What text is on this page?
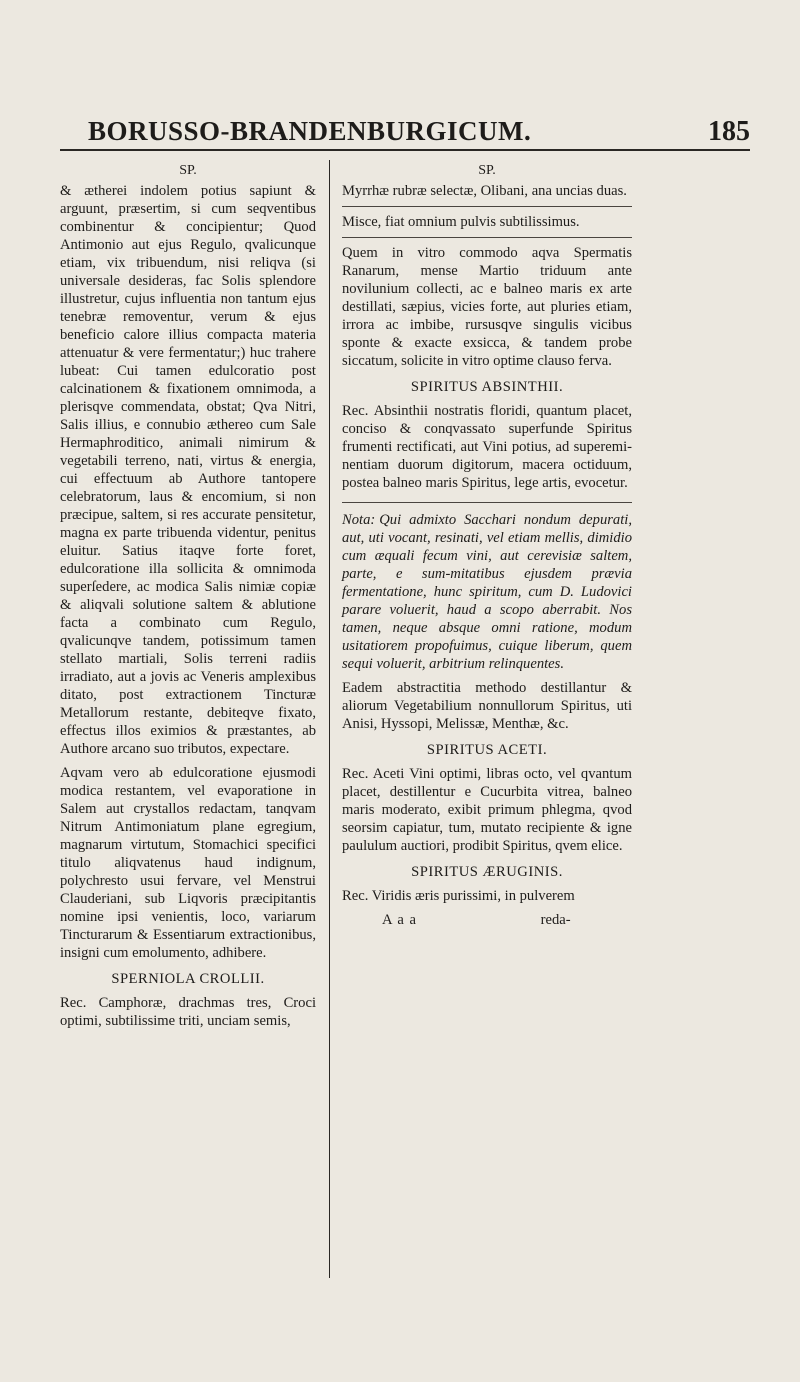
BORUSSO-BRANDENBURGICUM.	185
SP.

& ætherei indolem potius sapiunt & arguunt, præsertim, si cum seqventibus combinentur & concipientur; Quod Antimonio aut ejus Regulo, qvalicunque etiam, vix tribuendum, nisi reliqva (si universale desideras, fac Solis splendore illustretur, cujus influentia non tantum ejus tenebræ removentur, verum & ejus beneficio calore illius compacta materia attenuatur & vere fermentatur;) huc trahere lubeat: Cui tamen edulcoratio post calcinationem & fixationem omnimoda, a plerisqve commendata, obstat; Qva Nitri, Salis illius, e connubio æthereo cum Sale Hermaphroditico, animali nimirum & vegetabili terreno, nati, virtus & energia, cui effectuum ab Authore tantopere celebratorum, laus & encomium, si non præcipue, saltem, si res accurate pensitetur, magna ex parte tribuenda videntur, penitus eluitur. Satius itaqve forte foret, edulcoratione illa sollicita & omnimoda superſedere, ac modica Salis nimiæ copiæ & aliqvali solutione saltem & ablutione facta a combinato cum Regulo, qvalicunqve tandem, potissimum tamen stellato martiali, Solis terreni radiis irradiato, aut a jovis ac Veneris amplexibus ditato, post extractionem Tincturæ Metallorum restante, debiteqve fixato, effectus illos eximios & præstantes, ab Authore arcano suo tributos, expectare.

Aqvam vero ab edulcoratione ejusmodi modica restantem, vel evaporatione in Salem aut crystallos redactam, tanqvam Nitrum Antimoniatum plane egregium, magnarum virtutum, Stomachici specifici titulo aliqvatenus haud indignum, polychresto usui fervare, vel Menstrui Clauderiani, sub Liqvoris præcipitantis nomine ipsi venientis, loco, variarum Tincturarum & Essentiarum extractionibus, insigni cum emolumento, adhibere.

SPERNIOLA CROLLII.

Rec. Camphoræ, drachmas tres, Croci optimi, subtilissime triti, unciam semis,

SP.

Myrrhæ rubræ selectæ, Olibani, ana uncias duas.

Misce, fiat omnium pulvis subtilissimus.

Quem in vitro commodo aqva Spermatis Ranarum, mense Martio triduum ante novilunium collecti, ac e balneo maris ex arte destillati, sæpius, vicies forte, aut pluries etiam, irrora ac imbibe, rursusqve singulis vicibus sponte & exacte exsicca, & tandem probe siccatum, solicite in vitro optime clauso ferva.

SPIRITUS ABSINTHII.

Rec. Absinthii nostratis floridi, quantum placet, conciso & conqvassato superfunde Spiritus frumenti rectificati, aut Vini potius, ad superemi-nentiam duorum digitorum, macera octiduum, postea balneo maris Spiritus, lege artis, evocetur.

Nota: Qui admixto Sacchari nondum depurati, aut, uti vocant, resinati, vel etiam mellis, dimidio cum æquali fecum vini, aut cerevisiæ saltem, parte, e sum-mitatibus ejusdem prævia fermentatione, hunc spiritum, cum D. Ludovici parare voluerit, haud a scopo aberrabit. Nos tamen, neque absque omni ratione, modum usitatiorem propofuimus, cuique liberum, quem sequi voluerit, arbitrium relinquentes.

Eadem abstractitia methodo destillantur & aliorum Vegetabilium nonnullorum Spiritus, uti Anisi, Hyssopi, Melissæ, Menthæ, &c.

SPIRITUS ACETI.

Rec. Aceti Vini optimi, libras octo, vel qvantum placet, destillentur e Cucurbita vitrea, balneo maris moderato, exibit primum phlegma, qvod seorsim capiatur, tum, mutato recipiente & igne paululum auctiori, prodibit Spiritus, qvem elice.

SPIRITUS ÆRUGINIS.

Rec. Viridis æris purissimi, in pulverem

A a a	reda-
